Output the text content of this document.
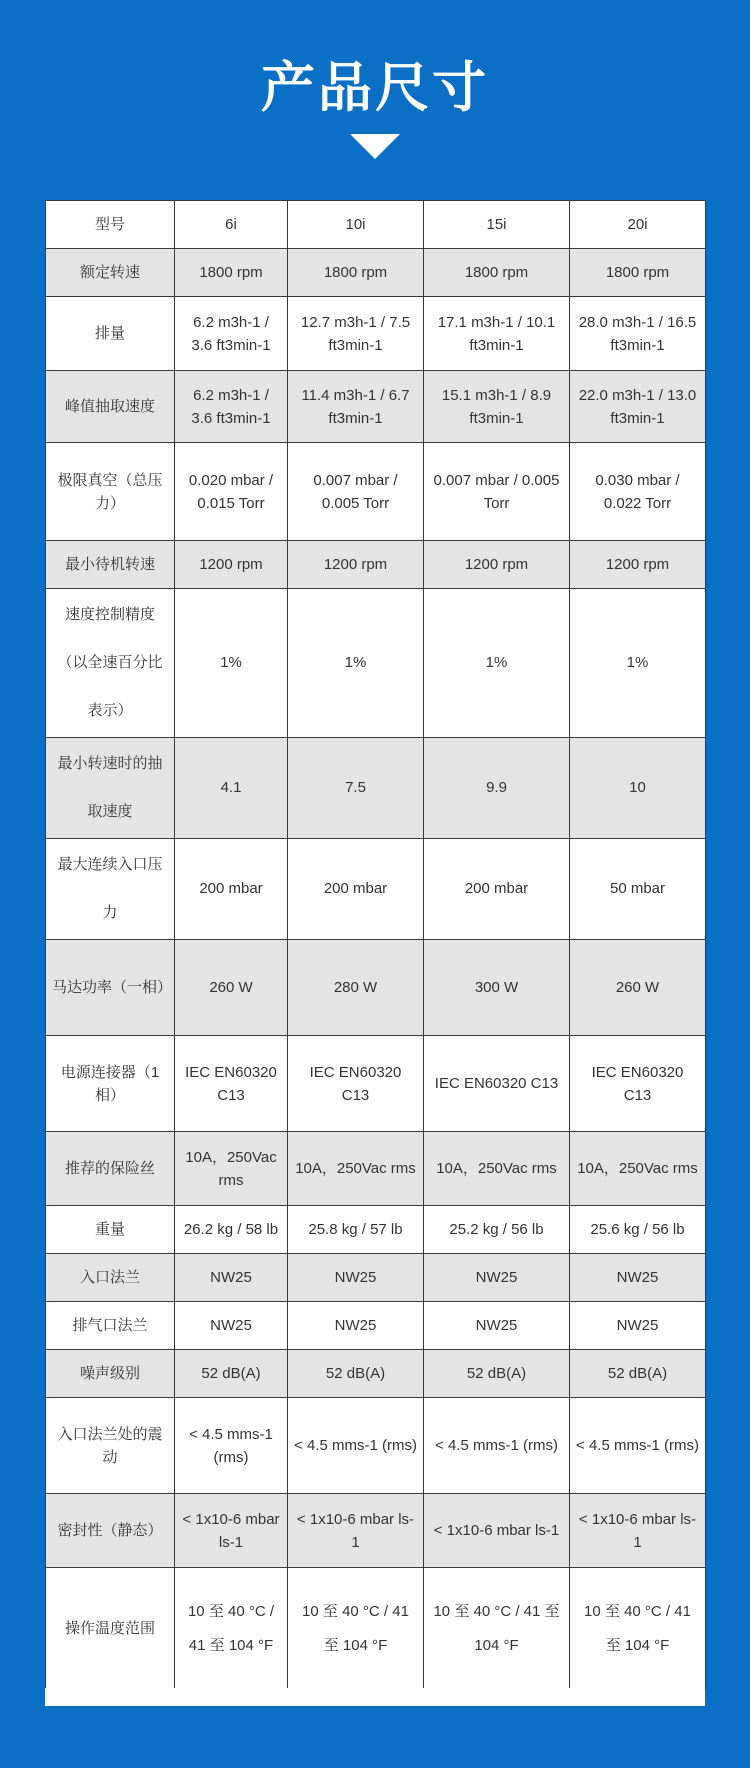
产品尺寸
型号	6i	10i	15i	20i
额定转速	1800 rpm	1800 rpm	1800 rpm	1800 rpm
排量	6.2 m3h-1 / 3.6 ft3min-1	12.7 m3h-1 / 7.5 ft3min-1	17.1 m3h-1 / 10.1 ft3min-1	28.0 m3h-1 / 16.5 ft3min-1
峰值抽取速度	6.2 m3h-1 / 3.6 ft3min-1	11.4 m3h-1 / 6.7 ft3min-1	15.1 m3h-1 / 8.9 ft3min-1	22.0 m3h-1 / 13.0 ft3min-1
极限真空（总压力）	0.020 mbar / 0.015 Torr	0.007 mbar / 0.005 Torr	0.007 mbar / 0.005 Torr	0.030 mbar / 0.022 Torr
最小待机转速	1200 rpm	1200 rpm	1200 rpm	1200 rpm
速度控制精度（以全速百分比表示）	1%	1%	1%	1%
最小转速时的抽取速度	4.1	7.5	9.9	10
最大连续入口压力	200 mbar	200 mbar	200 mbar	50 mbar
马达功率（一相）	260 W	280 W	300 W	260 W
电源连接器（1相）	IEC EN60320 C13	IEC EN60320 C13	IEC EN60320 C13	IEC EN60320 C13
推荐的保险丝	10A，250Vac rms	10A，250Vac rms	10A，250Vac rms	10A，250Vac rms
重量	26.2 kg / 58 lb	25.8 kg / 57 lb	25.2 kg / 56 lb	25.6 kg / 56 lb
入口法兰	NW25	NW25	NW25	NW25
排气口法兰	NW25	NW25	NW25	NW25
噪声级别	52 dB(A)	52 dB(A)	52 dB(A)	52 dB(A)
入口法兰处的震动	< 4.5 mms-1 (rms)	< 4.5 mms-1 (rms)	< 4.5 mms-1 (rms)	< 4.5 mms-1 (rms)
密封性（静态）	< 1x10-6 mbar ls-1	< 1x10-6 mbar ls-1	< 1x10-6 mbar ls-1	< 1x10-6 mbar ls-1
操作温度范围	10 至 40 °C / 41 至 104 °F	10 至 40 °C / 41 至 104 °F	10 至 40 °C / 41 至 104 °F	10 至 40 °C / 41 至 104 °F
